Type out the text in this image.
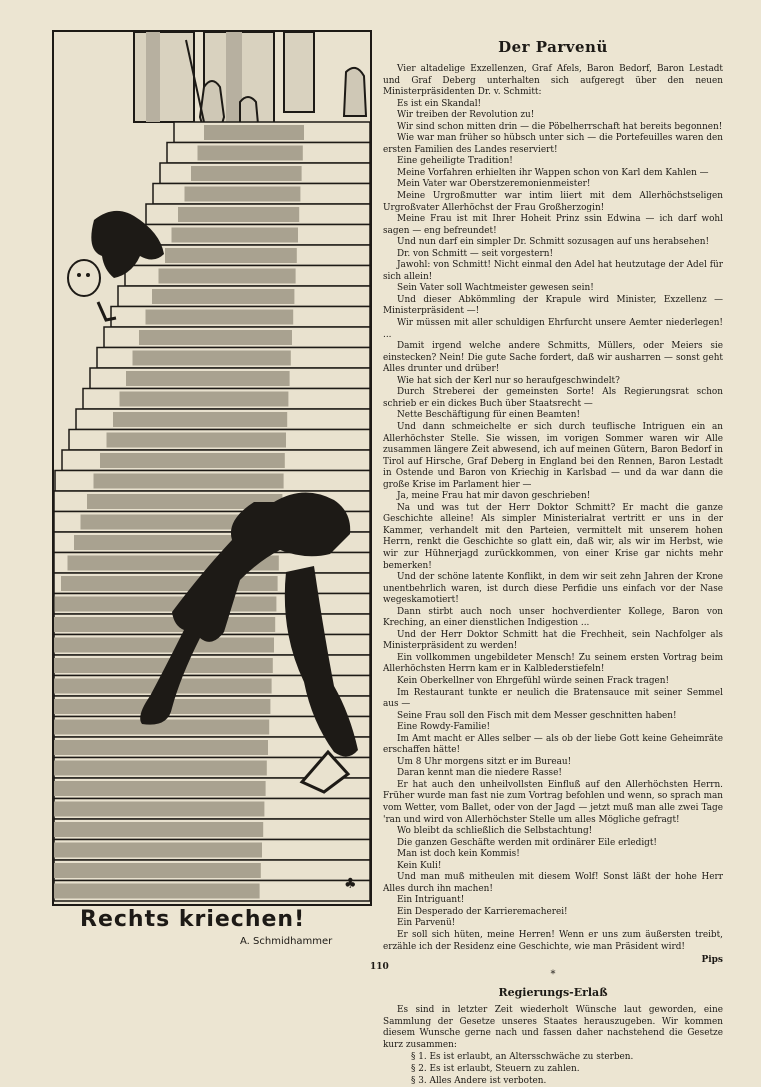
♣
Rechts kriechen!
A. Schmidhammer
Der Parvenü

Vier altadelige Exzellenzen, Graf Afels, Baron Bedorf, Baron Lestadt und Graf Deberg unterhalten sich aufgeregt über den neuen Ministerpräsidenten Dr. v. Schmitt:

Es ist ein Skandal!

Wir treiben der Revolution zu!

Wir sind schon mitten drin — die Pöbelherrschaft hat bereits begonnen!

Wie war man früher so hübsch unter sich — die Portefeuilles waren den ersten Familien des Landes reserviert!

Eine geheiligte Tradition!

Meine Vorfahren erhielten ihr Wappen schon von Karl dem Kahlen —

Mein Vater war Oberstzeremonienmeister!

Meine Urgroßmutter war intim liiert mit dem Allerhöchstseligen Urgroßvater Allerhöchst der Frau Großherzogin!

Meine Frau ist mit Ihrer Hoheit Prinz ssin Edwina — ich darf wohl sagen — eng befreundet!

Und nun darf ein simpler Dr. Schmitt sozusagen auf uns herabsehen!

Dr. von Schmitt — seit vorgestern!

Jawohl: von Schmitt! Nicht einmal den Adel hat heutzutage der Adel für sich allein!

Sein Vater soll Wachtmeister gewesen sein!

Und dieser Abkömmling der Krapule wird Minister, Exzellenz — Ministerpräsident —!

Wir müssen mit aller schuldigen Ehrfurcht unsere Aemter niederlegen! ...

Damit irgend welche andere Schmitts, Müllers, oder Meiers sie einstecken? Nein! Die gute Sache fordert, daß wir ausharren — sonst geht Alles drunter und drüber!

Wie hat sich der Kerl nur so heraufgeschwindelt?

Durch Streberei der gemeinsten Sorte! Als Regierungsrat schon schrieb er ein dickes Buch über Staatsrecht —

Nette Beschäftigung für einen Beamten!

Und dann schmeichelte er sich durch teuflische Intriguen ein an Allerhöchster Stelle. Sie wissen, im vorigen Sommer waren wir Alle zusammen längere Zeit abwesend, ich auf meinen Gütern, Baron Bedorf in Tirol auf Hirsche, Graf Deberg in England bei den Rennen, Baron Lestadt in Ostende und Baron von Kriechig in Karlsbad — und da war dann die große Krise im Parlament hier —

Ja, meine Frau hat mir davon geschrieben!

Na und was tut der Herr Doktor Schmitt? Er macht die ganze Geschichte alleine! Als simpler Ministerialrat vertritt er uns in der Kammer, verhandelt mit den Parteien, vermittelt mit unserem hohen Herrn, renkt die Geschichte so glatt ein, daß wir, als wir im Herbst, wie wir zur Hühnerjagd zurückkommen, von einer Krise gar nichts mehr bemerken!

Und der schöne latente Konflikt, in dem wir seit zehn Jahren der Krone unentbehrlich waren, ist durch diese Perfidie uns einfach vor der Nase wegeskamotiert!

Dann stirbt auch noch unser hochverdienter Kollege, Baron von Kreching, an einer dienstlichen Indigestion ...

Und der Herr Doktor Schmitt hat die Frechheit, sein Nachfolger als Ministerpräsident zu werden!

Ein vollkommen ungebildeter Mensch! Zu seinem ersten Vortrag beim Allerhöchsten Herrn kam er in Kalblederstiefeln!

Kein Oberkellner von Ehrgefühl würde seinen Frack tragen!

Im Restaurant tunkte er neulich die Bratensauce mit seiner Semmel aus —

Seine Frau soll den Fisch mit dem Messer geschnitten haben!

Eine Rowdy-Familie!

Im Amt macht er Alles selber — als ob der liebe Gott keine Geheimräte erschaffen hätte!

Um 8 Uhr morgens sitzt er im Bureau!

Daran kennt man die niedere Rasse!

Er hat auch den unheilvollsten Einfluß auf den Allerhöchsten Herrn. Früher wurde man fast nie zum Vortrag befohlen und wenn, so sprach man vom Wetter, vom Ballet, oder von der Jagd — jetzt muß man alle zwei Tage 'ran und wird von Allerhöchster Stelle um alles Mögliche gefragt!

Wo bleibt da schließlich die Selbstachtung!

Die ganzen Geschäfte werden mit ordinärer Eile erledigt!

Man ist doch kein Kommis!

Kein Kuli!

Und man muß mitheulen mit diesem Wolf! Sonst läßt der hohe Herr Alles durch ihn machen!

Ein Intriguant!

Ein Desperado der Karrieremacherei!

Ein Parvenü!

Er soll sich hüten, meine Herren! Wenn er uns zum äußersten treibt, erzähle ich der Residenz eine Geschichte, wie man Präsident wird!

Pips
*
Regierungs-Erlaß

Es sind in letzter Zeit wiederholt Wünsche laut geworden, eine Sammlung der Gesetze unseres Staates herauszugeben. Wir kommen diesem Wunsche gerne nach und fassen daher nachstehend die Gesetze kurz zusammen:

§ 1. Es ist erlaubt, an Altersschwäche zu sterben.

§ 2. Es ist erlaubt, Steuern zu zahlen.

§ 3. Alles Andere ist verboten.

110
